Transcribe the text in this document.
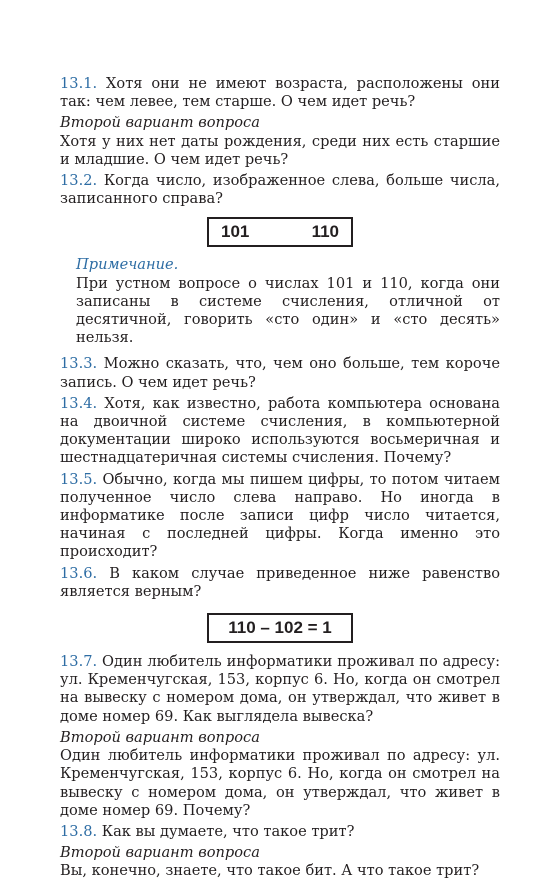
13.1. Хотя они не имеют возраста, расположены они так: чем левее, тем старше. О чем идет речь?

Второй вариант вопроса

Хотя у них нет даты рождения, среди них есть старшие и младшие. О чем идет речь?

13.2. Когда число, изображенное слева, больше числа, записанного справа?

101	110
Примечание.

При устном вопросе о числах 101 и 110, когда они записаны в системе счисления, отличной от десятичной, говорить «сто один» и «сто десять» нельзя.

13.3. Можно сказать, что, чем оно больше, тем короче запись. О чем идет речь?

13.4. Хотя, как известно, работа компьютера основана на двоичной системе счисления, в компьютерной документации широко используются восьмеричная и шестнадцатеричная системы счисления. Почему?

13.5. Обычно, когда мы пишем цифры, то потом читаем полученное число слева направо. Но иногда в информатике после записи цифр число читается, начиная с последней цифры. Когда именно это происходит?

13.6. В каком случае приведенное ниже равенство является верным?

110 – 102 = 1

13.7. Один любитель информатики проживал по адресу: ул. Кременчугская, 153, корпус 6. Но, когда он смотрел на вывеску с номером дома, он утверждал, что живет в доме номер 69. Как выглядела вывеска?

Второй вариант вопроса

Один любитель информатики проживал по адресу: ул. Кременчугская, 153, корпус 6. Но, когда он смотрел на вывеску с номером дома, он утверждал, что живет в доме номер 69. Почему?

13.8. Как вы думаете, что такое трит?

Второй вариант вопроса

Вы, конечно, знаете, что такое бит. А что такое трит?
